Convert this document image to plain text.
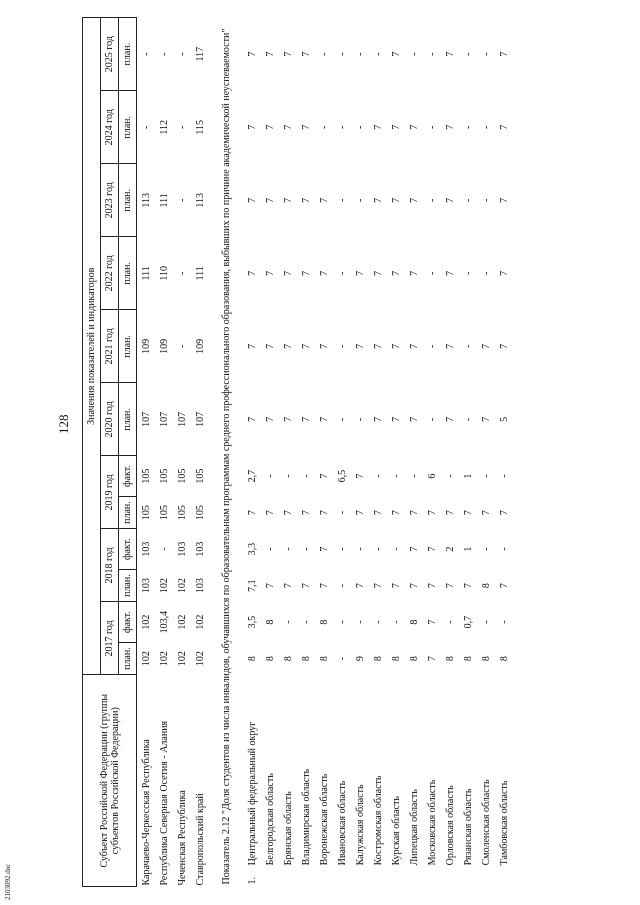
128
2103092.doc
Субъект Российской Федерации (группы субъектов Российской Федерации)		Значения показателей и индикаторов											
		2017 год		2018 год		2019 год		2020 год	2021 год	2022 год	2023 год	2024 год	2025 год
		план.	факт.	план.	факт.	план.	факт.	план.	план.	план.	план.	план.	план.
Карачаево-Черкесская Республика		102	102	103	103	105	105	107	109	111	113	-	-
Республика Северная Осетия - Алания		102	103,4	102	-	105	105	107	109	110	111	112	-
Чеченская Республика		102	102	102	103	105	105	107	-	-	-	-	-
Ставропольский край		102	102	103	103	105	105	107	109	111	113	115	117
Показатель 2.12 "Доля студентов из числа инвалидов, обучавшихся по образовательным программам среднего профессионального образования, выбывших по причине академической неуспеваемости"													
1.	Центральный федеральный округ	8	3,5	7,1	3,3	7	2,7	7	7	7	7	7	7
	Белгородская область	8	8	7	-	7	-	7	7	7	7	7	7
	Брянская область	8	-	7	-	7	-	7	7	7	7	7	7
	Владимирская область	8	-	7	-	7	-	7	7	7	7	7	7
	Воронежская область	8	8	7	7	7	7	7	7	7	7	-	-
	Ивановская область	-	-	-	-	-	6,5	-	-	-	-	-	-
	Калужская область	9	-	7	-	7	7	-	7	7	-	-	-
	Костромская область	8	-	7	-	7	-	7	7	7	7	7	-
	Курская область	8	-	7	-	7	-	7	7	7	7	7	7
	Липецкая область	8	8	7	7	7	-	7	7	7	7	7	-
	Московская область	7	7	7	7	7	6	-	-	-	-	-	-
	Орловская область	8	-	7	2	7	-	7	7	7	7	7	7
	Рязанская область	8	0,7	7	1	7	1	-	-	-	-	-	-
	Смоленская область	8	-	8	-	7	-	7	7	-	-	-	-
	Тамбовская область	8	-	7	-	7	-	5	7	7	7	7	7
